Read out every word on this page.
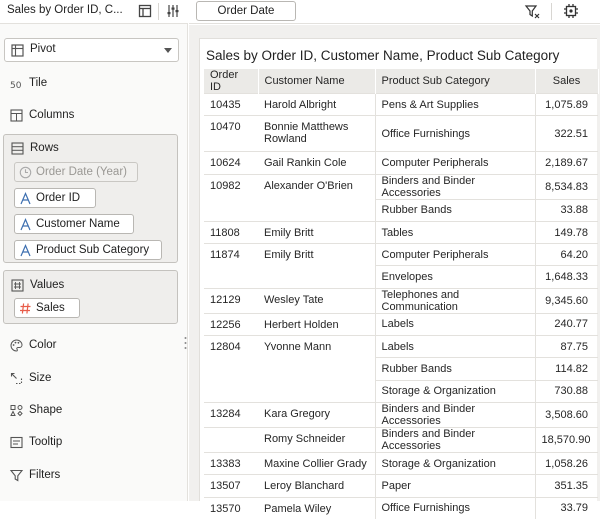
Sales by Order ID, C...
Pivot
50 Tile
Columns
Rows
Order Date (Year)
Order ID
Customer Name
Product Sub Category
Values
Sales
Color
Size
Shape
Tooltip
Filters
Order Date
Sales by Order ID, Customer Name, Product Sub Category
Order ID	Customer Name	Product Sub Category	Sales
10435	Harold Albright	Pens & Art Supplies	1,075.89
10470	Bonnie Matthews Rowland	Office Furnishings	322.51
10624	Gail Rankin Cole	Computer Peripherals	2,189.67
10982	Alexander O'Brien	Binders and Binder Accessories	8,534.83
		Rubber Bands	33.88
11808	Emily Britt	Tables	149.78
11874	Emily Britt	Computer Peripherals	64.20
		Envelopes	1,648.33
12129	Wesley Tate	Telephones and Communication	9,345.60
12256	Herbert Holden	Labels	240.77
12804	Yvonne Mann	Labels	87.75
		Rubber Bands	114.82
		Storage & Organization	730.88
13284	Kara Gregory	Binders and Binder Accessories	3,508.60
	Romy Schneider	Binders and Binder Accessories	18,570.90
13383	Maxine Collier Grady	Storage & Organization	1,058.26
13507	Leroy Blanchard	Paper	351.35
13570	Pamela Wiley	Office Furnishings	33.79
